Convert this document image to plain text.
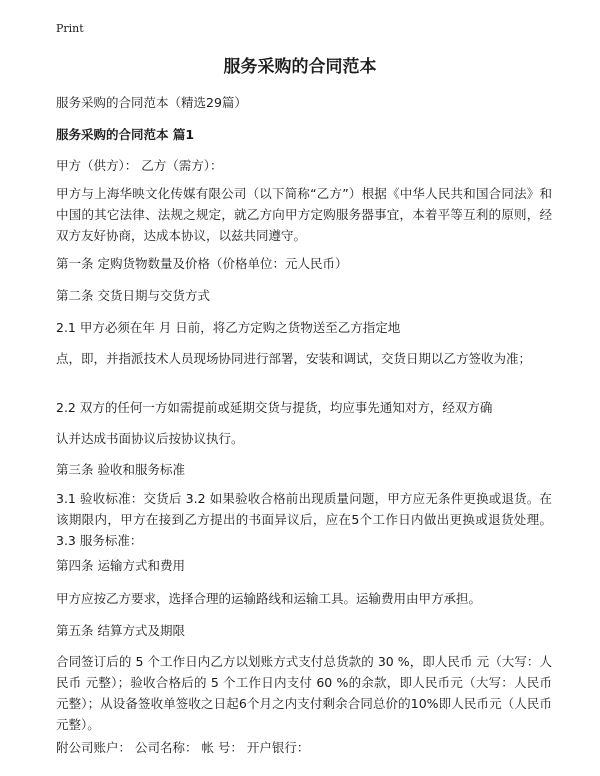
Print
服务采购的合同范本
服务采购的合同范本（精选29篇）
服务采购的合同范本 篇1
甲方（供方）： 乙方（需方）：
甲方与上海华映文化传媒有限公司（以下简称“乙方”）根据《中华人民共和国合同法》和中国的其它法律、法规之规定，就乙方向甲方定购服务器事宜，本着平等互利的原则，经双方友好协商，达成本协议，以兹共同遵守。
第一条 定购货物数量及价格（价格单位：元人民币）
第二条 交货日期与交货方式
2.1 甲方必须在年 月 日前，将乙方定购之货物送至乙方指定地
点，即，并指派技术人员现场协同进行部署，安装和调试，交货日期以乙方签收为准；
2.2 双方的任何一方如需提前或延期交货与提货，均应事先通知对方，经双方确
认并达成书面协议后按协议执行。
第三条 验收和服务标准
3.1 验收标准：交货后 3.2 如果验收合格前出现质量问题，甲方应无条件更换或退货。在该期限内，甲方在接到乙方提出的书面异议后，应在5个工作日内做出更换或退货处理。 3.3 服务标准：
第四条 运输方式和费用
甲方应按乙方要求，选择合理的运输路线和运输工具。运输费用由甲方承担。
第五条 结算方式及期限
合同签订后的 5 个工作日内乙方以划账方式支付总货款的 30 %，即人民币 元（大写：人民币 元整）；验收合格后的 5 个工作日内支付 60 %的余款，即人民币元（大写：人民币元整）；从设备签收单签收之日起6个月之内支付剩余合同总价的10%即人民币元（人民币元整）。
附公司账户： 公司名称： 帐 号： 开户银行：
